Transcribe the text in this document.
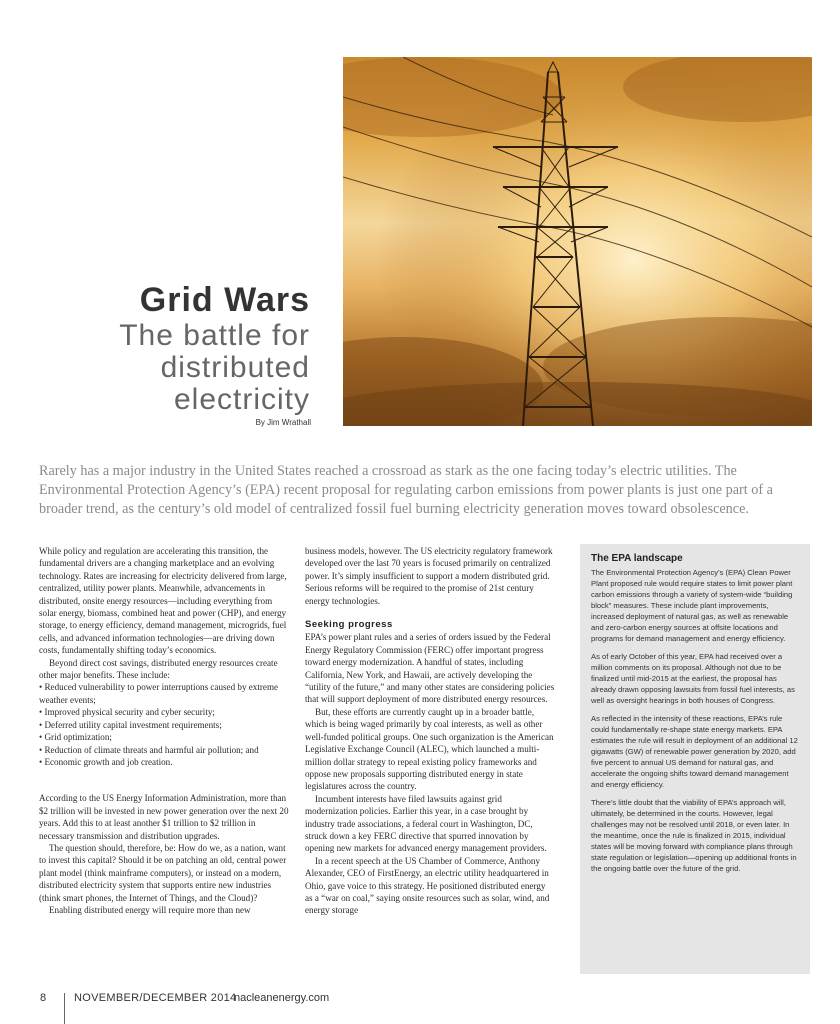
Grid Wars
The battle for
distributed
electricity
By Jim Wrathall

Rarely has a major industry in the United States reached a crossroad as stark as the one facing today’s electric utilities. The Environmental Protection Agency’s (EPA) recent proposal for regulating carbon emissions from power plants is just one part of a broader trend, as the century’s old model of centralized fossil fuel burning electricity generation moves toward obsolescence.

While policy and regulation are accelerating this transition, the fundamental drivers are a changing marketplace and an evolving technology. Rates are increasing for electricity delivered from large, centralized, utility power plants. Meanwhile, advancements in distributed, onsite energy resources—including everything from solar energy, biomass, combined heat and power (CHP), and energy storage, to energy efficiency, demand management, microgrids, fuel cells, and advanced information technologies—are driving down costs, fundamentally shifting today’s economics.

Beyond direct cost savings, distributed energy resources create other major benefits. These include:

• Reduced vulnerability to power interruptions caused by extreme weather events;
• Improved physical security and cyber security;
• Deferred utility capital investment requirements;
• Grid optimization;
• Reduction of climate threats and harmful air pollution; and
• Economic growth and job creation.

According to the US Energy Information Administration, more than $2 trillion will be invested in new power generation over the next 20 years. Add this to at least another $1 trillion to $2 trillion in necessary transmission and distribution upgrades.

The question should, therefore, be: How do we, as a nation, want to invest this capital? Should it be on patching an old, central power plant model (think mainframe computers), or instead on a modern, distributed electricity system that supports entire new industries (think smart phones, the Internet of Things, and the Cloud)?

Enabling distributed energy will require more than new

business models, however. The US electricity regulatory framework developed over the last 70 years is focused primarily on centralized power. It’s simply insufficient to support a modern distributed grid. Serious reforms will be required to the promise of 21st century energy technologies.

Seeking progress

EPA’s power plant rules and a series of orders issued by the Federal Energy Regulatory Commission (FERC) offer important progress toward energy modernization. A handful of states, including California, New York, and Hawaii, are actively developing the “utility of the future,” and many other states are considering policies that will support deployment of more distributed energy resources.

But, these efforts are currently caught up in a broader battle, which is being waged primarily by coal interests, as well as other well-funded political groups. One such organization is the American Legislative Exchange Council (ALEC), which launched a multi-million dollar strategy to repeal existing policy frameworks and oppose new proposals supporting distributed energy in state legislatures across the country.

Incumbent interests have filed lawsuits against grid modernization policies. Earlier this year, in a case brought by industry trade associations, a federal court in Washington, DC, struck down a key FERC directive that spurred innovation by opening new markets for advanced energy management providers.

In a recent speech at the US Chamber of Commerce, Anthony Alexander, CEO of FirstEnergy, an electric utility headquartered in Ohio, gave voice to this strategy. He positioned distributed energy as a “war on coal,” saying onsite resources such as solar, wind, and energy storage

The EPA landscape

The Environmental Protection Agency’s (EPA) Clean Power Plant proposed rule would require states to limit power plant carbon emissions through a variety of system-wide “building block” measures. These include plant improvements, increased deployment of natural gas, as well as renewable and zero-carbon energy sources at offsite locations and programs for demand management and energy efficiency.

As of early October of this year, EPA had received over a million comments on its proposal. Although not due to be finalized until mid-2015 at the earliest, the proposal has already drawn opposing lawsuits from fossil fuel interests, as well as oversight hearings in both houses of Congress.

As reflected in the intensity of these reactions, EPA’s rule could fundamentally re-shape state energy markets. EPA estimates the rule will result in deployment of an additional 12 gigawatts (GW) of renewable power generation by 2020, add five percent to annual US demand for natural gas, and accelerate the ongoing shifts toward demand management and energy efficiency.

There’s little doubt that the viability of EPA’s approach will, ultimately, be determined in the courts. However, legal challenges may not be resolved until 2018, or even later. In the meantime, once the rule is finalized in 2015, individual states will be moving forward with compliance plans through state regulation or legislation—opening up additional fronts in the ongoing battle over the future of the grid.

8	NOVEMBER/DECEMBER 2014
nacleanenergy.com
